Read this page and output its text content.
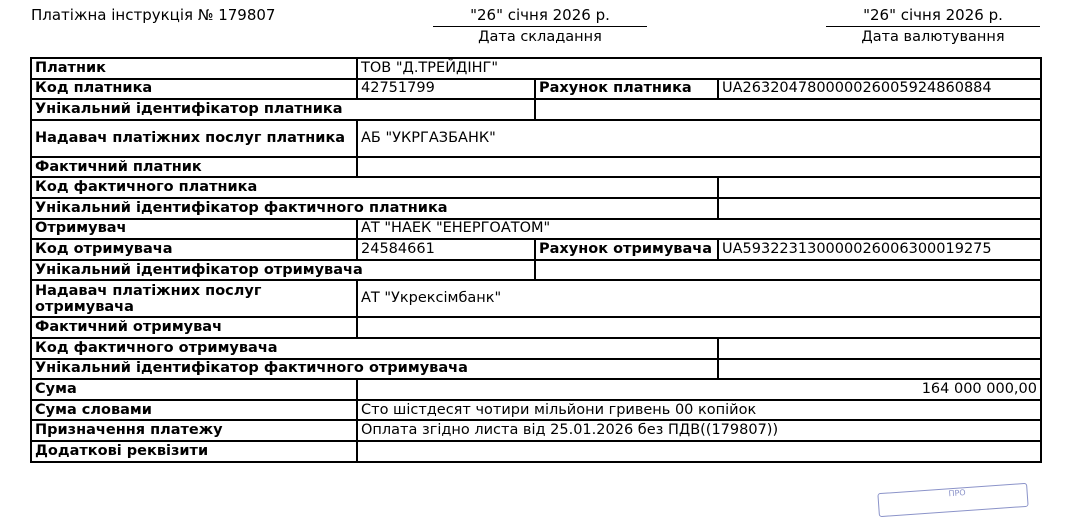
Платіжна інструкція № 179807	"26" січня 2026 р.
Дата складання
"26" січня 2026 р.
Дата валютування
Платник	ТОВ "Д.ТРЕЙДІНГ"		
Код платника	42751799	Рахунок платника	UA263204780000026005924860884
Унікальний ідентифікатор платника			
Надавач платіжних послуг платника	АБ "УКРГАЗБАНК"		
Фактичний платник			
Код фактичного платника			
Унікальний ідентифікатор фактичного платника			
Отримувач	АТ "НАЕК "ЕНЕРГОАТОМ"		
Код отримувача	24584661	Рахунок отримувача	UA593223130000026006300019275
Унікальний ідентифікатор отримувача			
Надавач платіжних послуг отримувача	АТ "Укрексімбанк"		
Фактичний отримувач			
Код фактичного отримувача			
Унікальний ідентифікатор фактичного отримувача			
Сума	164 000 000,00		
Сума словами	Сто шістдесят чотири мільйони гривень 00 копійок		
Призначення платежу	Оплата згідно листа від 25.01.2026 без ПДВ((179807))		
Додаткові реквізити			
ПРО
